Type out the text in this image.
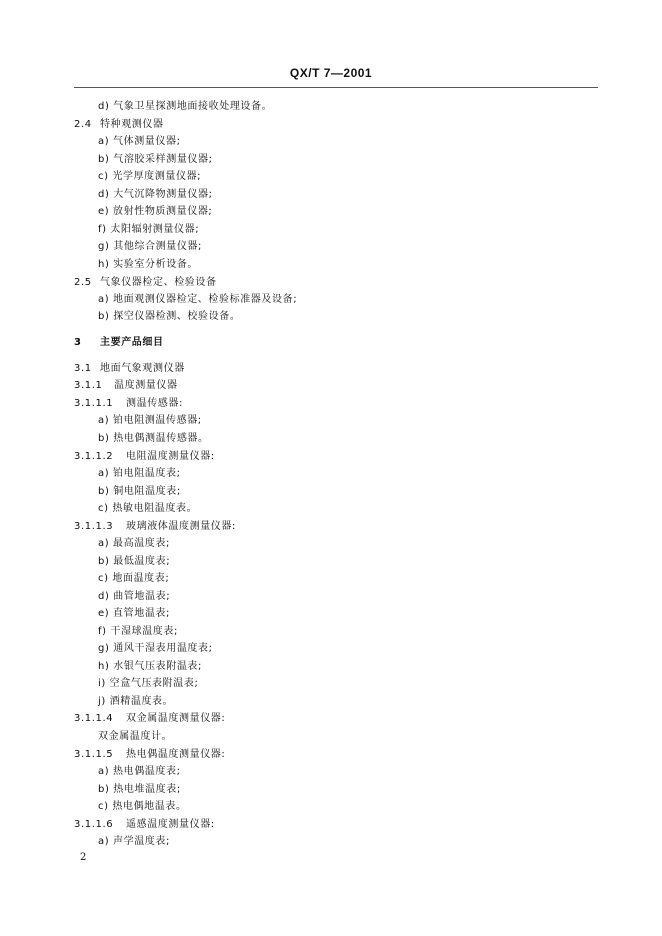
QX/T 7—2001
d) 气象卫星探测地面接收处理设备。
2.4 特种观测仪器
a) 气体测量仪器;
b) 气溶胶采样测量仪器;
c) 光学厚度测量仪器;
d) 大气沉降物测量仪器;
e) 放射性物质测量仪器;
f) 太阳辐射测量仪器;
g) 其他综合测量仪器;
h) 实验室分析设备。
2.5 气象仪器检定、检验设备
a) 地面观测仪器检定、检验标准器及设备;
b) 探空仪器检测、校验设备。
3 主要产品细目
3.1 地面气象观测仪器
3.1.1 温度测量仪器
3.1.1.1 测温传感器:
a) 铂电阻测温传感器;
b) 热电偶测温传感器。
3.1.1.2 电阻温度测量仪器:
a) 铂电阻温度表;
b) 铜电阻温度表;
c) 热敏电阻温度表。
3.1.1.3 玻璃液体温度测量仪器:
a) 最高温度表;
b) 最低温度表;
c) 地面温度表;
d) 曲管地温表;
e) 直管地温表;
f) 干湿球温度表;
g) 通风干湿表用温度表;
h) 水银气压表附温表;
i) 空盒气压表附温表;
j) 酒精温度表。
3.1.1.4 双金属温度测量仪器:
双金属温度计。
3.1.1.5 热电偶温度测量仪器:
a) 热电偶温度表;
b) 热电堆温度表;
c) 热电偶地温表。
3.1.1.6 遥感温度测量仪器:
a) 声学温度表;
2
